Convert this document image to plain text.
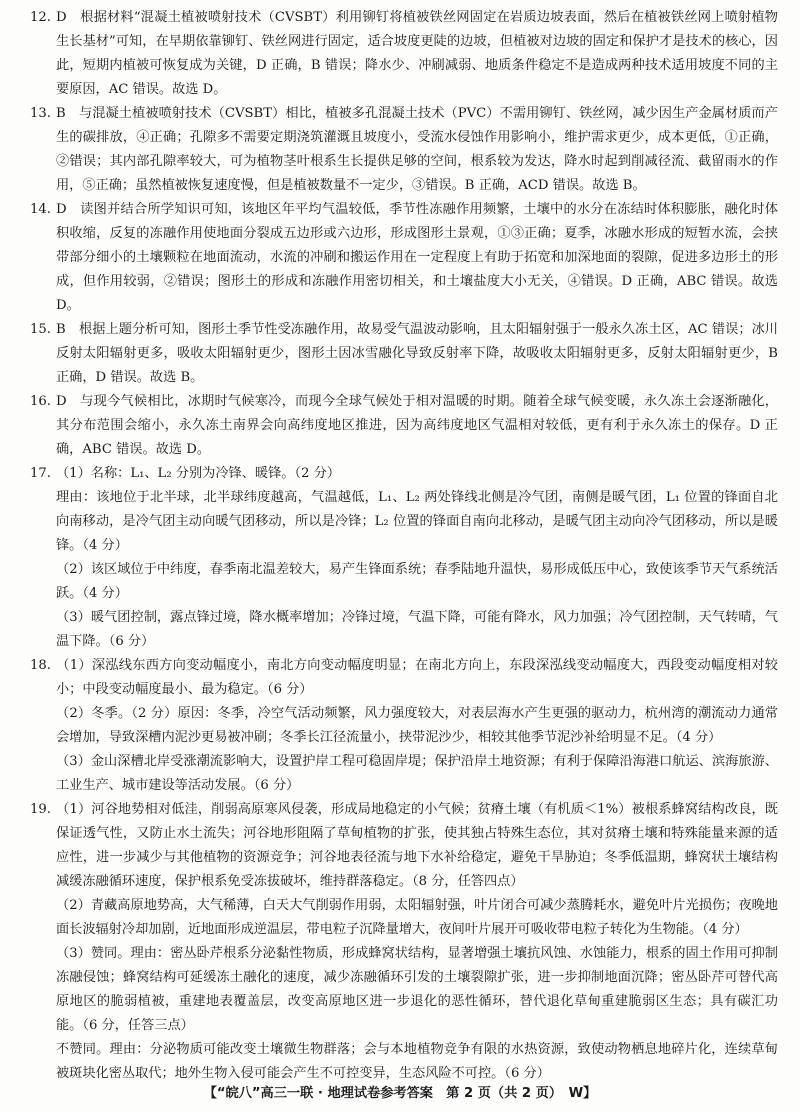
12. D　根据材料“混凝土植被喷射技术（CVSBT）利用铆钉将植被铁丝网固定在岩质边坡表面，然后在植被铁丝网上喷射植物生长基材”可知，在早期依靠铆钉、铁丝网进行固定，适合坡度更陡的边坡，但植被对边坡的固定和保护才是技术的核心，因此，短期内植被可恢复成为关键，D 正确，B 错误；降水少、冲刷减弱、地质条件稳定不是造成两种技术适用坡度不同的主要原因，AC 错误。故选 D。

13. B　与混凝土植被喷射技术（CVSBT）相比，植被多孔混凝土技术（PVC）不需用铆钉、铁丝网，减少因生产金属材质而产生的碳排放，④正确；孔隙多不需要定期浇筑灌溉且坡度小，受流水侵蚀作用影响小，维护需求更少，成本更低，①正确，②错误；其内部孔隙率较大，可为植物茎叶根系生长提供足够的空间，根系较为发达，降水时起到削减径流、截留雨水的作用，⑤正确；虽然植被恢复速度慢，但是植被数量不一定少，③错误。B 正确，ACD 错误。故选 B。

14. D　读图并结合所学知识可知，该地区年平均气温较低，季节性冻融作用频繁，土壤中的水分在冻结时体积膨胀，融化时体积收缩，反复的冻融作用使地面分裂成五边形或六边形，形成图形土景观，①③正确；夏季，冰融水形成的短暂水流，会挟带部分细小的土壤颗粒在地面流动，水流的冲刷和搬运作用在一定程度上有助于拓宽和加深地面的裂隙，促进多边形土的形成，但作用较弱，②错误；图形土的形成和冻融作用密切相关，和土壤盐度大小无关，④错误。D 正确，ABC 错误。故选 D。

15. B　根据上题分析可知，图形土季节性受冻融作用，故易受气温波动影响，且太阳辐射强于一般永久冻土区，AC 错误；冰川反射太阳辐射更多，吸收太阳辐射更少，图形土因冰雪融化导致反射率下降，故吸收太阳辐射更多，反射太阳辐射更少，B 正确，D 错误。故选 B。

16. D　与现今气候相比，冰期时气候寒冷，而现今全球气候处于相对温暖的时期。随着全球气候变暖，永久冻土会逐渐融化，其分布范围会缩小，永久冻土南界会向高纬度地区推进，因为高纬度地区气温相对较低，更有利于永久冻土的保存。D 正确，ABC 错误。故选 D。

17. （1）名称：L₁、L₂ 分别为冷锋、暖锋。（2 分）

理由：该地位于北半球，北半球纬度越高，气温越低，L₁、L₂ 两处锋线北侧是冷气团，南侧是暖气团，L₁ 位置的锋面自北向南移动，是冷气团主动向暖气团移动，所以是冷锋；L₂ 位置的锋面自南向北移动，是暖气团主动向冷气团移动，所以是暖锋。（4 分）

（2）该区域位于中纬度，春季南北温差较大，易产生锋面系统；春季陆地升温快，易形成低压中心，致使该季节天气系统活跃。（4 分）

（3）暖气团控制，露点锋过境，降水概率增加；冷锋过境，气温下降，可能有降水，风力加强；冷气团控制，天气转晴，气温下降。（6 分）

18. （1）深泓线东西方向变动幅度小，南北方向变动幅度明显；在南北方向上，东段深泓线变动幅度大，西段变动幅度相对较小；中段变动幅度最小、最为稳定。（6 分）

（2）冬季。（2 分）原因：冬季，冷空气活动频繁，风力强度较大，对表层海水产生更强的驱动力，杭州湾的潮流动力通常会增加，导致深槽内泥沙更易被冲刷；冬季长江径流量小，挟带泥沙少，相较其他季节泥沙补给明显不足。（4 分）

（3）金山深槽北岸受涨潮流影响大，设置护岸工程可稳固岸堤；保护沿岸土地资源；有利于保障沿海港口航运、滨海旅游、工业生产、城市建设等活动发展。（6 分）

19. （1）河谷地势相对低洼，削弱高原寒风侵袭，形成局地稳定的小气候；贫瘠土壤（有机质＜1%）被根系蜂窝结构改良，既保证透气性，又防止水土流失；河谷地形阻隔了草甸植物的扩张，使其独占特殊生态位，其对贫瘠土壤和特殊能量来源的适应性，进一步减少与其他植物的资源竞争；河谷地表径流与地下水补给稳定，避免干旱胁迫；冬季低温期，蜂窝状土壤结构减缓冻融循环速度，保护根系免受冻拔破坏，维持群落稳定。（8 分，任答四点）

（2）青藏高原地势高，大气稀薄，白天大气削弱作用弱，太阳辐射强，叶片闭合可减少蒸腾耗水，避免叶片光损伤；夜晚地面长波辐射冷却加剧，近地面形成逆温层，带电粒子沉降量增大，夜间叶片展开可吸收带电粒子转化为生物能。（4 分）

（3）赞同。理由：密丛卧芹根系分泌黏性物质，形成蜂窝状结构，显著增强土壤抗风蚀、水蚀能力，根系的固土作用可抑制冻融侵蚀；蜂窝结构可延缓冻土融化的速度，减少冻融循环引发的土壤裂隙扩张，进一步抑制地面沉降；密丛卧芹可替代高原地区的脆弱植被，重建地表覆盖层，改变高原地区进一步退化的恶性循环，替代退化草甸重建脆弱区生态；具有碳汇功能。（6 分，任答三点）

不赞同。理由：分泌物质可能改变土壤微生物群落；会与本地植物竞争有限的水热资源，致使动物栖息地碎片化，连续草甸被斑块化密丛取代；地外生物入侵可能会产生不可控变异，生态风险不可控。（6 分）

【“皖八”高三一联 · 地理试卷参考答案　第 2 页（共 2 页）　W】
